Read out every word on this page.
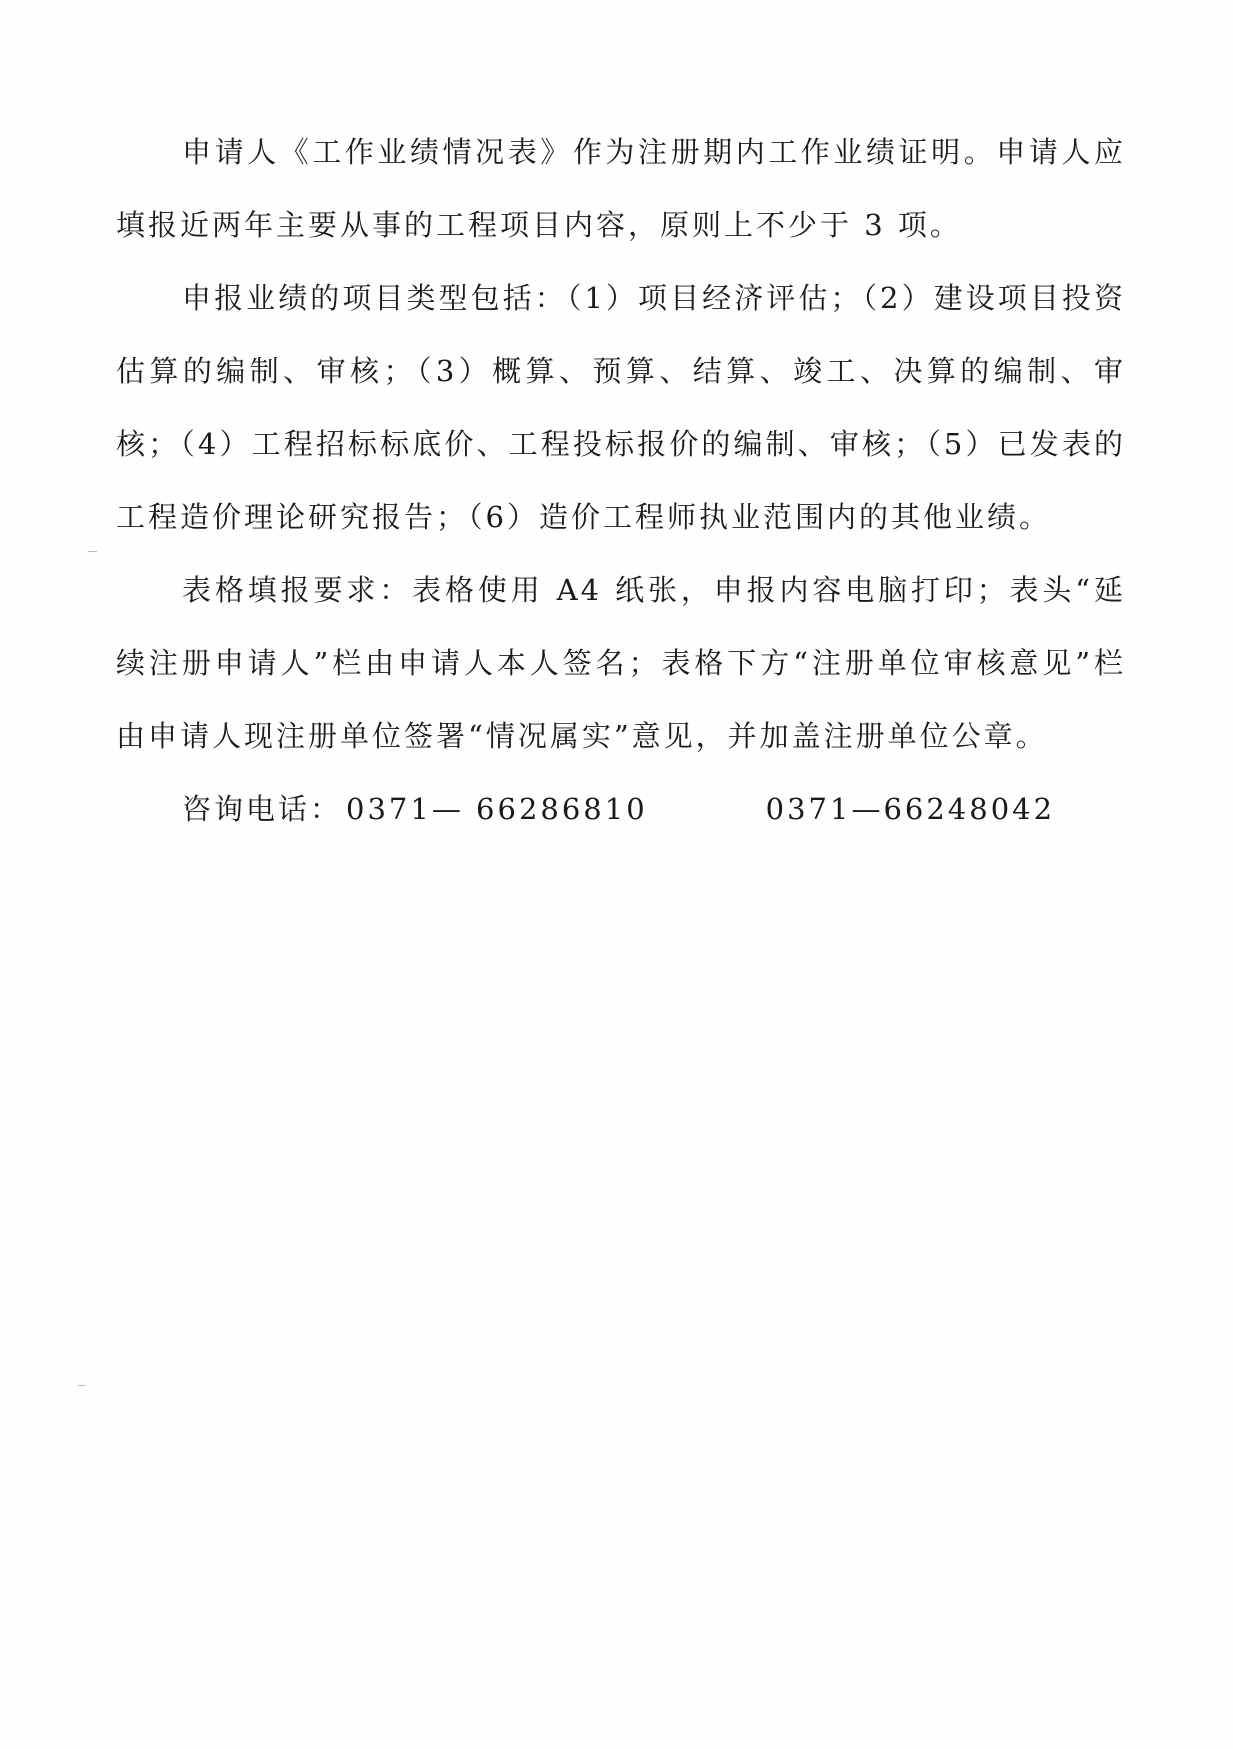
申请人《工作业绩情况表》作为注册期内工作业绩证明。申请人应填报近两年主要从事的工程项目内容，原则上不少于 3 项。

申报业绩的项目类型包括：（1）项目经济评估；（2）建设项目投资估算的编制、审核；（3）概算、预算、结算、竣工、决算的编制、审核；（4）工程招标标底价、工程投标报价的编制、审核；（5）已发表的工程造价理论研究报告；（6）造价工程师执业范围内的其他业绩。

表格填报要求：表格使用 A4 纸张，申报内容电脑打印；表头“延续注册申请人”栏由申请人本人签名；表格下方“注册单位审核意见”栏由申请人现注册单位签署“情况属实”意见，并加盖注册单位公章。

咨询电话： 0371— 66286810	0371—66248042
